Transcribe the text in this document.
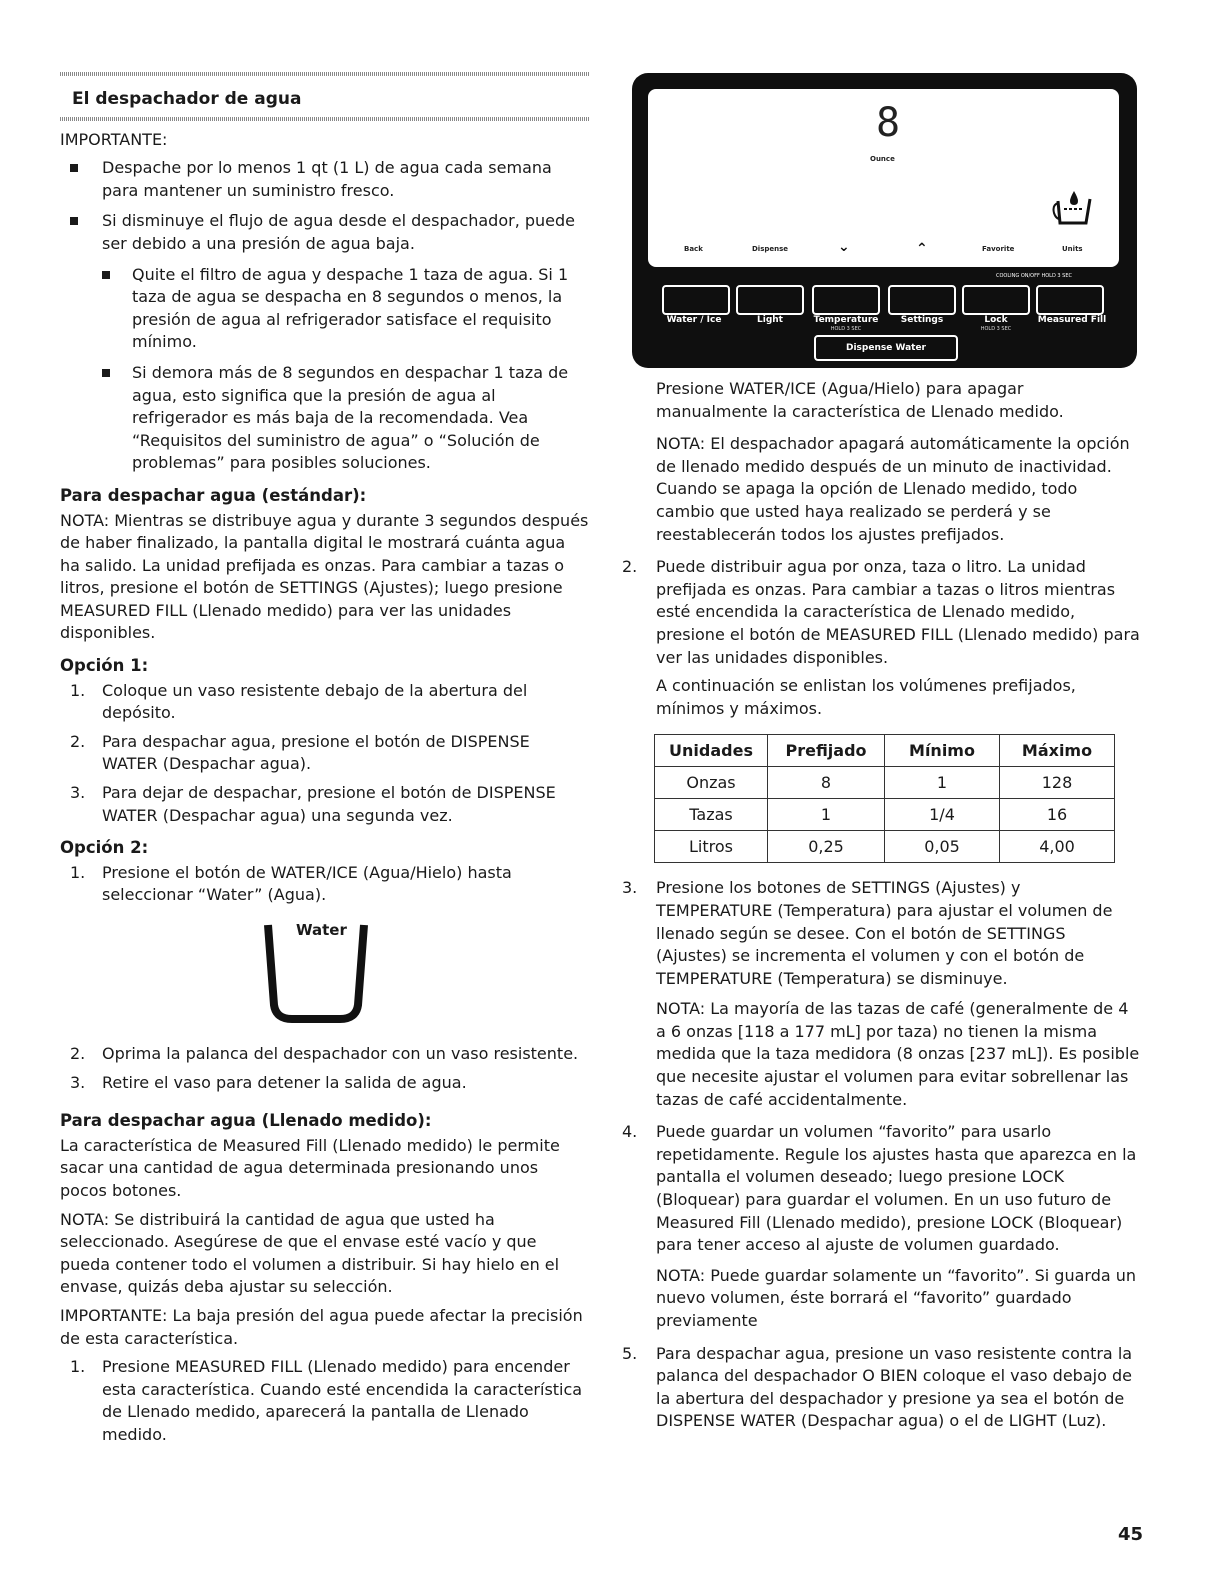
El despachador de agua

IMPORTANTE:

Despache por lo menos 1 qt (1 L) de agua cada semana para mantener un suministro fresco.
Si disminuye el flujo de agua desde el despachador, puede ser debido a una presión de agua baja.
Quite el filtro de agua y despache 1 taza de agua. Si 1 taza de agua se despacha en 8 segundos o menos, la presión de agua al refrigerador satisface el requisito mínimo.
Si demora más de 8 segundos en despachar 1 taza de agua, esto significa que la presión de agua al refrigerador es más baja de la recomendada. Vea “Requisitos del suministro de agua” o “Solución de problemas” para posibles soluciones.
Para despachar agua (estándar):

NOTA: Mientras se distribuye agua y durante 3 segundos después de haber finalizado, la pantalla digital le mostrará cuánta agua ha salido. La unidad prefijada es onzas. Para cambiar a tazas o litros, presione el botón de SETTINGS (Ajustes); luego presione MEASURED FILL (Llenado medido) para ver las unidades disponibles.

Opción 1:
1. Coloque un vaso resistente debajo de la abertura del depósito.
2. Para despachar agua, presione el botón de DISPENSE WATER (Despachar agua).
3. Para dejar de despachar, presione el botón de DISPENSE WATER (Despachar agua) una segunda vez.
Opción 2:
1. Presione el botón de WATER/ICE (Agua/Hielo) hasta seleccionar “Water” (Agua).
Water
2. Oprima la palanca del despachador con un vaso resistente.
3. Retire el vaso para detener la salida de agua.
Para despachar agua (Llenado medido):

La característica de Measured Fill (Llenado medido) le permite sacar una cantidad de agua determinada presionando unos pocos botones.

NOTA: Se distribuirá la cantidad de agua que usted ha seleccionado. Asegúrese de que el envase esté vacío y que pueda contener todo el volumen a distribuir. Si hay hielo en el envase, quizás deba ajustar su selección.

IMPORTANTE: La baja presión del agua puede afectar la precisión de esta característica.

1. Presione MEASURED FILL (Llenado medido) para encender esta característica. Cuando esté encendida la característica de Llenado medido, aparecerá la pantalla de Llenado medido.
8
Ounce
Back	Dispense	⌄	⌃	Favorite	Units
COOLING ON/OFF HOLD 3 SEC
Water / Ice	Light	Temperature	Settings	Lock	Measured Fill
HOLD 3 SEC	HOLD 3 SEC
Dispense Water

Presione WATER/ICE (Agua/Hielo) para apagar manualmente la característica de Llenado medido.

NOTA: El despachador apagará automáticamente la opción de llenado medido después de un minuto de inactividad. Cuando se apaga la opción de Llenado medido, todo cambio que usted haya realizado se perderá y se reestablecerán todos los ajustes prefijados.

2. Puede distribuir agua por onza, taza o litro. La unidad prefijada es onzas. Para cambiar a tazas o litros mientras esté encendida la característica de Llenado medido, presione el botón de MEASURED FILL (Llenado medido) para ver las unidades disponibles.

A continuación se enlistan los volúmenes prefijados, mínimos y máximos.

Unidades	Prefijado	Mínimo	Máximo
Onzas	8	1	128
Tazas	1	1/4	16
Litros	0,25	0,05	4,00
3. Presione los botones de SETTINGS (Ajustes) y TEMPERATURE (Temperatura) para ajustar el volumen de llenado según se desee. Con el botón de SETTINGS (Ajustes) se incrementa el volumen y con el botón de TEMPERATURE (Temperatura) se disminuye.

NOTA: La mayoría de las tazas de café (generalmente de 4 a 6 onzas [118 a 177 mL] por taza) no tienen la misma medida que la taza medidora (8 onzas [237 mL]). Es posible que necesite ajustar el volumen para evitar sobrellenar las tazas de café accidentalmente.

4. Puede guardar un volumen “favorito” para usarlo repetidamente. Regule los ajustes hasta que aparezca en la pantalla el volumen deseado; luego presione LOCK (Bloquear) para guardar el volumen. En un uso futuro de Measured Fill (Llenado medido), presione LOCK (Bloquear) para tener acceso al ajuste de volumen guardado.

NOTA: Puede guardar solamente un “favorito”. Si guarda un nuevo volumen, éste borrará el “favorito” guardado previamente

5. Para despachar agua, presione un vaso resistente contra la palanca del despachador O BIEN coloque el vaso debajo de la abertura del despachador y presione ya sea el botón de DISPENSE WATER (Despachar agua) o el de LIGHT (Luz).
45
